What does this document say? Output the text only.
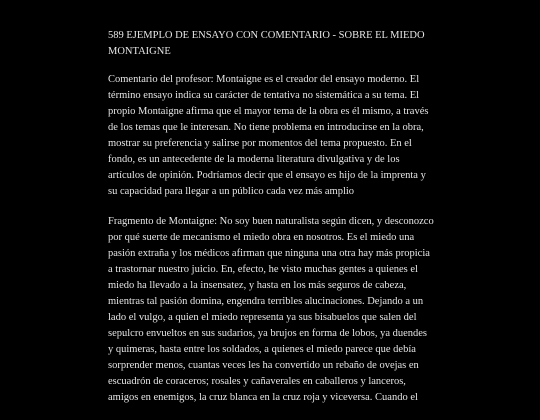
589 EJEMPLO DE ENSAYO CON COMENTARIO - SOBRE EL MIEDO MONTAIGNE

Comentario del profesor: Montaigne es el creador del ensayo moderno. El término ensayo indica su carácter de tentativa no sistemática a su tema. El propio Montaigne afirma que el mayor tema de la obra es él mismo, a través de los temas que le interesan. No tiene problema en introducirse en la obra, mostrar su preferencia y salirse por momentos del tema propuesto. En el fondo, es un antecedente de la moderna literatura divulgativa y de los artículos de opinión. Podríamos decir que el ensayo es hijo de la imprenta y su capacidad para llegar a un público cada vez más amplio

Fragmento de Montaigne: No soy buen naturalista según dicen, y desconozco por qué suerte de mecanismo el miedo obra en nosotros. Es el miedo una pasión extraña y los médicos afirman que ninguna una otra hay más propicia a trastornar nuestro juicio. En, efecto, he visto muchas gentes a quienes el miedo ha llevado a la insensatez, y hasta en los más seguros de cabeza, mientras tal pasión domina, engendra terribles alucinaciones. Dejando a un lado el vulgo, a quien el miedo representa ya sus bisabuelos que salen del sepulcro envueltos en sus sudarios, ya brujos en forma de lobos, ya duendes y quimeras, hasta entre los soldados, a quienes el miedo parece que debía sorprender menos, cuantas veces les ha convertido un rebaño de ovejas en escuadrón de coraceros; rosales y cañaverales en caballeros y lanceros, amigos en enemigos, la cruz blanca en la cruz roja y viceversa. Cuando el
